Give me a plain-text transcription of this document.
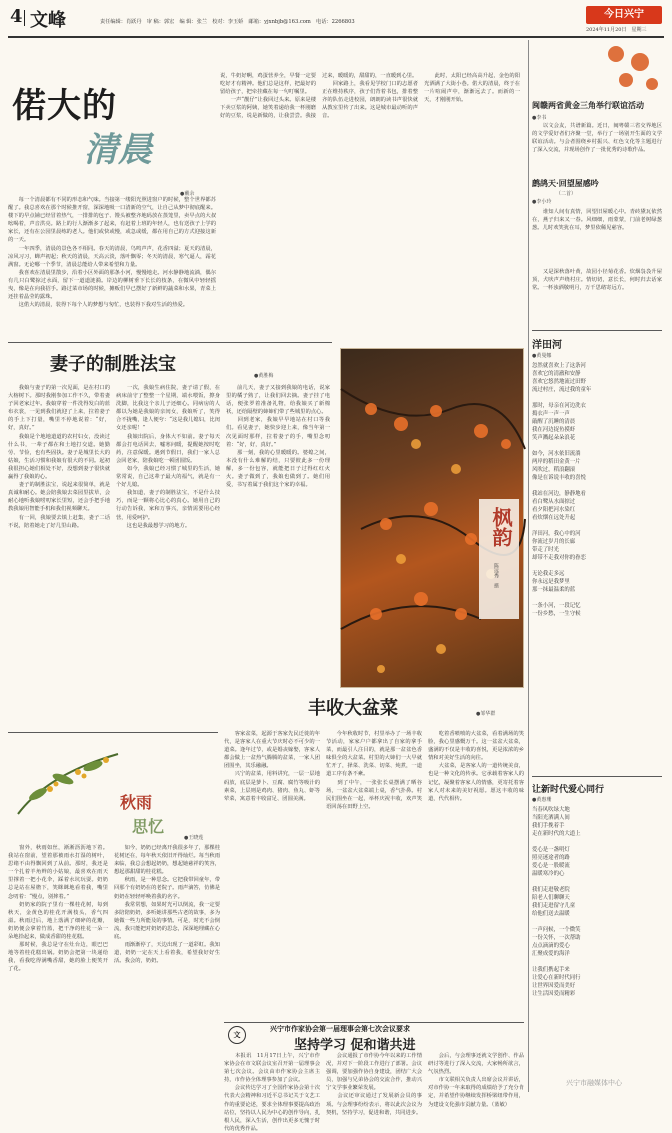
4 文峰	责任编辑：肖跃丹　审 稿：郭宏　编 辑：张兰　校对：李玉娇　邮箱：yjxnbjb@163.com　电话：2266803
今日兴宁
2024年11月20日　星期三
偌大的
清晨
●戴余
　　每一个清晨都有不同的形态和气味。当接第一缕阳光照进窗户的时候，整个世界都苏醒了。我总喜欢在那个时候推开窗，深深地吸一口清新的空气，让自己从梦中彻底醒来。楼下的早点铺已经冒着热气，一排排的包子、馒头被整齐地码放在蒸笼里，卖早点的大叔吆喝着，声音洪亮。路上的行人渐渐多了起来，有赶着上班的年轻人，也有送孩子上学的家长，还有在公园里晨练的老人。他们或快或慢，或急或缓，都在用自己的方式迎接这新的一天。
　　一年四季，清晨的景色各不相同。春天的清晨，鸟鸣声声，花香四溢；夏天的清晨，凉风习习，蝉声初起；秋天的清晨，天高云淡，落叶飘零；冬天的清晨，寒气逼人，霜花满窗。无论哪一个季节，清晨总能给人带来希望和力量。
　　我喜欢在清晨里散步，沿着小区外面的那条小河，慢慢地走。河水静静地流淌，偶尔有几只白鹭掠过水面，留下一道道涟漪。岸边的柳树垂下长长的枝条，在微风中轻轻摇曳，像是在向我招手。路过菜市场的时候，摊贩们早已摆好了新鲜的蔬菜和水果，青菜上还挂着晶莹的露珠。
　　这偌大的清晨，装得下每个人的梦想与匆忙，也装得下我对生活的热爱。
说，牛奶好啊，鸡蛋营养全，早餐一定要吃好才有精神。他们总是这样，把最好的留给孩子，把牵挂藏在每一句叮嘱里。
　　一声“靓仔”让我回过头来。原来是楼下卖豆浆的阿姨，她笑着递给我一杯刚磨好的豆浆，说是新做的，让我尝尝。我接过来，暖暖的，甜甜的，一直暖到心里。
　　回家路上，我看见学校门口的志愿者正在维持秩序，孩子们背着书包，排着整齐的队伍走进校园，朗朗的读书声很快就从教室里传了出来。这是城市最动听的声音。
　　此时，太阳已经高高升起，金色的阳光洒满了大街小巷。偌大的清晨，终于在一片喧闹声中，渐渐远去了。而新的一天，才刚刚开始。
妻子的制胜法宝
●黄胜梅
　　我娘与妻子的第一次见面，是在村口的大榕树下。那时我刚参加工作不久，带着妻子回老家过年。我娘穿着一件洗得发白的蓝布衣裳，一见到我们就迎了上来，拉着妻子的手上下打量，嘴里不停地说着：“好，好，真好。”
　　我娘是个地地道道的农村妇女，没读过什么书，一辈子都在和土地打交道。她勤劳、节俭，也有些固执。妻子是城里长大的姑娘，生活习惯和我娘有很大的不同。起初我很担心她们相处不好，没想到妻子很快就赢得了我娘的心。
　　妻子的制胜法宝，说起来很简单，就是真诚和耐心。她会陪我娘去菜园里拔草，会耐心地听我娘唠叨家长里短，还会手把手地教我娘用智能手机和我们视频聊天。
　　有一回，我娘要去镇上赶集，妻子二话不说，陪着她走了好几里山路。
　　一次，我娘生病住院，妻子请了假，在病床前守了整整一个星期，端水喂饭，擦身洗脚，比我这个亲儿子还细心。同病房的人都以为她是我娘的亲闺女，我娘听了，笑得合不拢嘴，逢人便夸：“这是我儿媳妇，比闺女还亲呢！”
　　我娘出院后，身体大不如前。妻子每天都会打电话回去，嘘寒问暖，提醒她按时吃药，注意保暖。遇到节假日，我们一家人总会回老家，陪我娘吃一顿团圆饭。
　　如今，我娘已经习惯了城里的生活，她常常说，自己这辈子最大的福气，就是有一个好儿媳。
　　我知道，妻子的制胜法宝，不是什么技巧，而是一颗将心比心的真心。她用自己的行动告诉我，家和万事兴，亲情需要用心经营，用爱呵护。
　　这也是我最想学习的地方。
　　前几天，妻子又接到我娘的电话，说家里的橘子熟了，让我们回去摘。妻子挂了电话，便张罗着准备礼物，给我娘买了新棉袄，还给隔壁的婶婶们带了些城里的点心。
　　回到老家，我娘早早地站在村口等我们。看见妻子，她快步迎上来，像当年第一次见面时那样，拉着妻子的手，嘴里念叨着：“好，好，真好。”
　　那一刻，我的心里暖暖的。婆媳之间，本没有什么难解的结，只要彼此多一份理解，多一份包容，就能把日子过得红红火火。妻子做到了，我娘也做到了。她们用爱，书写着属于我们这个家的幸福。
枫韵
陈远秀　摄
丰收大盆菜	●邹华群
　　客家盆菜，起源于客家先民迁徙的年代，是客家人在重大节庆时必不可少的一道菜。逢年过节，或是婚丧嫁娶，客家人都会做上一盆热气腾腾的盆菜，一家人团团围坐，其乐融融。
　　兴宁的盆菜，用料讲究，一层一层地码放，底层是萝卜、豆腐、腐竹等吸汁的素菜，上层则是鸡肉、猪肉、鱼丸、虾等荤菜，寓意着丰收富足、团圆美满。
　　今年秋收时节，村里举办了一场丰收节活动，家家户户都拿出了自家的拿手菜，而最引人注目的，就是那一盆盆色香味俱全的大盆菜。村里的大婶们一大早就忙开了，择菜、洗菜、切菜、炖煮，一道道工序有条不紊。
　　到了中午，一张张长桌摆满了晒谷场，一盆盆大盆菜端上桌，香气扑鼻。村民们围坐在一起，举杯庆祝丰收，欢声笑语回荡在田野上空。
　　吃着香喷喷的大盆菜，看着满场的笑脸，我心里感慨万千。这一盆盆大盆菜，盛满的不仅是丰收的喜悦，更是浓浓的乡情和对美好生活的向往。
　　大盆菜，是客家人的一道传统美食，也是一种文化的传承。它承载着客家人的记忆，凝聚着客家人的情感，更寄托着客家人对未来的美好祝愿。愿这丰收的味道，代代相传。
秋雨
思忆
●王晓莲
　　窗外，秋雨如丝，淅淅沥沥地下着。我站在窗前，望着那被雨水打湿的树叶，思绪不由得飘回到了从前。那时，我还是一个扎着羊角辫的小姑娘，最喜欢在雨天里撑着一把小花伞，踩着水坑玩耍。奶奶总是站在屋檐下，笑眯眯地看着我，嘴里念叨着：“慢点，别摔着。”
　　奶奶家的院子里有一棵桂花树，每到秋天，金黄色的桂花开满枝头，香气四溢。秋雨过后，地上落满了细碎的花瓣，奶奶便会拿着竹篮，把干净的桂花一朵一朵地拾起来，做成香甜的桂花糕。
　　那时候，我总是守在灶台边，眼巴巴地等着桂花糕出锅。奶奶会把第一块递给我，看我吃得满嘴香甜，她的脸上便笑开了花。
　　如今，奶奶已经离开我很多年了，那棵桂花树还在，每年秋天依旧开得灿烂。每当秋雨来临，我总会想起奶奶，想起她慈祥的笑容，想起那甜甜的桂花糕。
　　秋雨，是一种思念。它把我带回童年，带回那个有奶奶在的老院子。雨声滴答，仿佛是奶奶在轻轻呼唤着我的名字。
　　我常常想，如果时光可以倒流，我一定要多陪陪奶奶，多听她讲那些古老的故事，多为她做一些力所能及的事情。可是，时光不会倒流，我只能把对奶奶的思念，深深地埋藏在心底。
　　雨渐渐停了，天边出现了一道彩虹。我知道，奶奶一定在天上看着我，希望我好好生活。我会的，奶奶。
文
兴宁市作家协会第一届理事会第七次会议要求
坚持学习 促和谐共进
　　本报讯　11月17日上午，兴宁市作家协会在市文联会议室召开第一届理事会第七次会议。会议由市作家协会主席主持，市作协全体理事参加了会议。
　　会议传达学习了全国作家协会第十次代表大会精神和习近平总书记关于文艺工作的重要论述，要求全体理事要提高政治站位，坚持以人民为中心的创作导向，扎根人民，深入生活，创作出更多无愧于时代的优秀作品。
　　会议通报了市作协今年以来的工作情况，并对下一阶段工作进行了部署。会议强调，要加强作协自身建设，团结广大会员，加强与兄弟协会的交流合作，推动兴宁文学事业繁荣发展。
　　会议还审议通过了发展新会员的事项。与会理事纷纷表示，将以此次会议为契机，坚持学习，促进和谐，共同进步。
　　会后，与会理事还就文学创作、作品研讨等进行了深入交流，大家畅所欲言，气氛热烈。
　　市文联相关负责人出席会议并讲话，对市作协一年来取得的成绩给予了充分肯定，并希望作协继续发挥桥梁纽带作用，为建设文化强市贡献力量。（蓝敏）
闽赣两省黄金三角举行联谊活动
●李书
　　以文会友，共谱新篇。近日，闽粤赣三省交界地区的文学爱好者们齐聚一堂，举行了一场别开生面的文学联谊活动。与会者围绕乡村振兴、红色文化等主题进行了深入交流，并现场创作了一批优秀的诗歌作品。
鹧鸪天·回望屋感吟
（二首）
●李小玲
　　谁知人间有真情，回望旧屋暖心中。青砖黛瓦依然在，燕子归来又一春。风细细，雨蒙蒙，门前老树绿葱葱。儿时欢笑犹在耳，梦里依稀见慈容。
　　又是深秋落叶黄，故园小径菊花香。炊烟袅袅升屋顶，犬吠声声绕村庄。情切切，意长长，何时归去话家常。一杯浊酒敬明月，万千思绪寄远方。
洋田河
●黄曼娜
忽然就喜欢上了这条河
喜欢它的清澈和安静
喜欢它悠然地流过田野
流过村庄，流过我的童年

那时，母亲在河边洗衣
捣衣声一声一声
敲醒了沉睡的清晨
我在河边捉鱼摸虾
笑声溅起朵朵浪花

如今，河水依旧流淌
两岸的稻田金黄一片
风吹过，稻浪翻滚
像是在诉说丰收的喜悦

我站在河边，静静地看
看白鹭从水面掠过
看夕阳把河水染红
看炊烟在远处升起

洋田河，我心中的河
你流过岁月的长廊
带走了时光
却带不走我对你的眷恋

无论我走多远
你永远是我梦里
那一抹最温柔的蓝

一条小河，一段记忆
一份乡愁，一生守候
让新时代爱心同行
●黄惠珊
当春风吹绿大地
当阳光洒满人间
我们手挽着手
走在新时代的大道上

爱心是一盏明灯
照亮迷途者的路
爱心是一股暖流
温暖寒冷的心

我们走进敬老院
陪老人们聊聊天
我们走进留守儿童
给他们送去温暖

一声问候，一个微笑
一份关怀，一次帮助
点点滴滴的爱心
汇聚成爱的海洋

让我们携起手来
让爱心在新时代同行
让世界因爱而美好
让生活因爱而精彩
兴宁市融媒体中心
